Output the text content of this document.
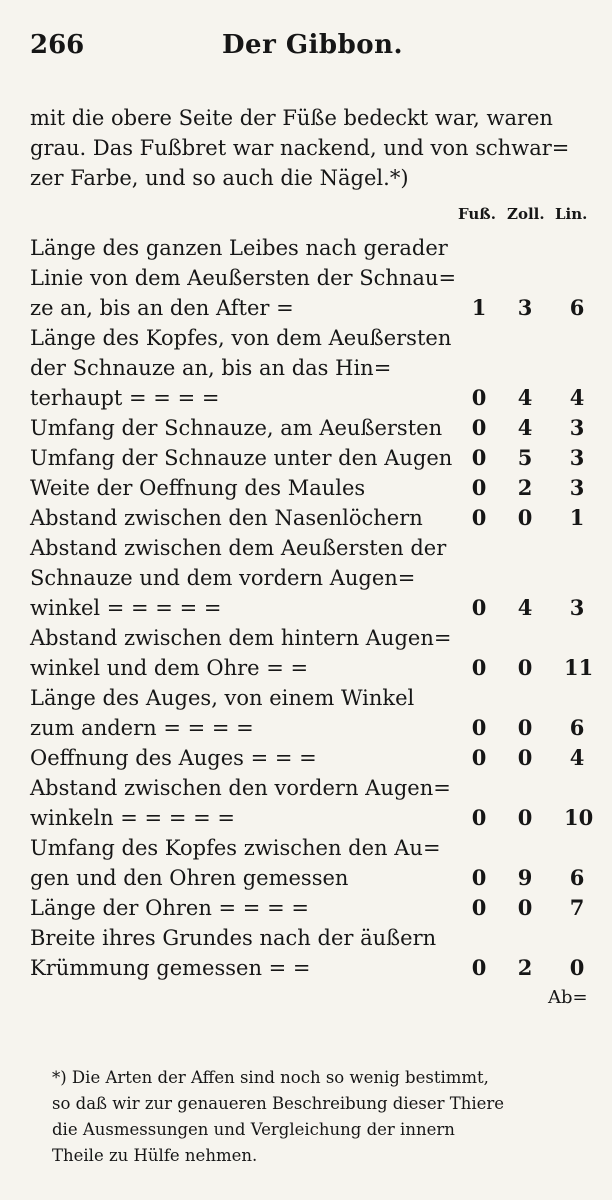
266	Der Gibbon.
mit die obere Seite der Füße bedeckt war, waren
grau. Das Fußbret war nackend, und von schwar=
zer Farbe, und so auch die Nägel.*)
Fuß. Zoll. Lin.
Länge des ganzen Leibes nach gerader
Linie von dem Aeußersten der Schnau=
ze an, bis an den After =	1 3 6
Länge des Kopfes, von dem Aeußersten
der Schnauze an, bis an das Hin=
terhaupt = = = =	0 4 4
Umfang der Schnauze, am Aeußersten 0 4 3
Umfang der Schnauze unter den Augen 0 5 3
Weite der Oeffnung des Maules	0 2 3
Abstand zwischen den Nasenlöchern 0 0 1
Abstand zwischen dem Aeußersten der
Schnauze und dem vordern Augen=
winkel = = = = =	0 4 3
Abstand zwischen dem hintern Augen=
winkel und dem Ohre = =	0 0 11
Länge des Auges, von einem Winkel
zum andern = = = =	0 0 6
Oeffnung des Auges = = =	0 0 4
Abstand zwischen den vordern Augen=
winkeln = = = = =	0 0 10
Umfang des Kopfes zwischen den Au=
gen und den Ohren gemessen	0 9 6
Länge der Ohren = = = =	0 0 7
Breite ihres Grundes nach der äußern
Krümmung gemessen = =	0 2 0
Ab=
*) Die Arten der Affen sind noch so wenig bestimmt,
so daß wir zur genaueren Beschreibung dieser Thiere
die Ausmessungen und Vergleichung der innern
Theile zu Hülfe nehmen.
